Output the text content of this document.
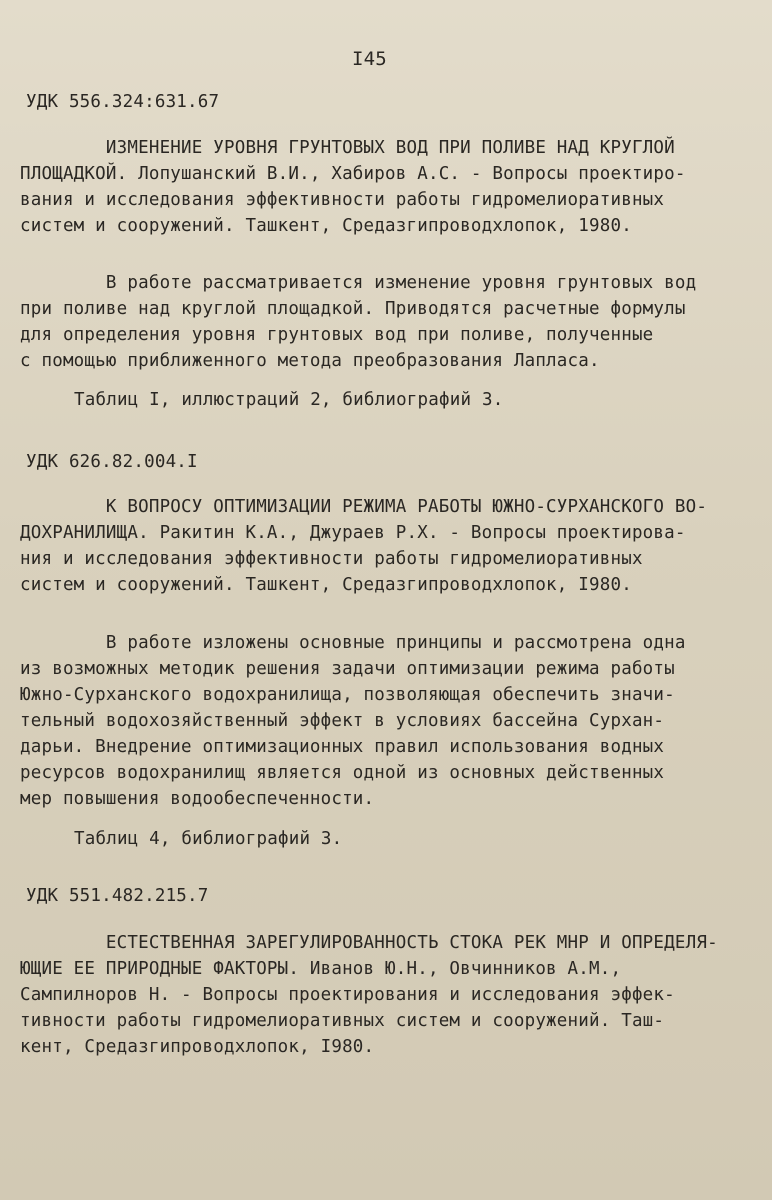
I45
УДК 556.324:631.67
ИЗМЕНЕНИЕ УРОВНЯ ГРУНТОВЫХ ВОД ПРИ ПОЛИВЕ НАД КРУГЛОЙ
ПЛОЩАДКОЙ. Лопушанский В.И., Хабиров А.С. - Вопросы проектиро-
вания и исследования эффективности работы гидромелиоративных
систем и сооружений. Ташкент, Средазгипроводхлопок, 1980.
В работе рассматривается изменение уровня грунтовых вод
при поливе над круглой площадкой. Приводятся расчетные формулы
для определения уровня грунтовых вод при поливе, полученные
с помощью приближенного метода преобразования Лапласа.
Таблиц I, иллюстраций 2, библиографий 3.
УДК 626.82.004.I
К ВОПРОСУ ОПТИМИЗАЦИИ РЕЖИМА РАБОТЫ ЮЖНО-СУРХАНСКОГО ВО-
ДОХРАНИЛИЩА. Ракитин К.А., Джураев Р.Х. - Вопросы проектирова-
ния и исследования эффективности работы гидромелиоративных
систем и сооружений. Ташкент, Средазгипроводхлопок, I980.
В работе изложены основные принципы и рассмотрена одна
из возможных методик решения задачи оптимизации режима работы
Южно-Сурханского водохранилища, позволяющая обеспечить значи-
тельный водохозяйственный эффект в условиях бассейна Сурхан-
дарьи. Внедрение оптимизационных правил использования водных
ресурсов водохранилищ является одной из основных действенных
мер повышения водообеспеченности.
Таблиц 4, библиографий 3.
УДК 551.482.215.7
ЕСТЕСТВЕННАЯ ЗАРЕГУЛИРОВАННОСТЬ СТОКА РЕК МНР И ОПРЕДЕЛЯ-
ЮЩИЕ ЕЕ ПРИРОДНЫЕ ФАКТОРЫ. Иванов Ю.Н., Овчинников А.М.,
Сампилноров Н. - Вопросы проектирования и исследования эффек-
тивности работы гидромелиоративных систем и сооружений. Таш-
кент, Средазгипроводхлопок, I980.
